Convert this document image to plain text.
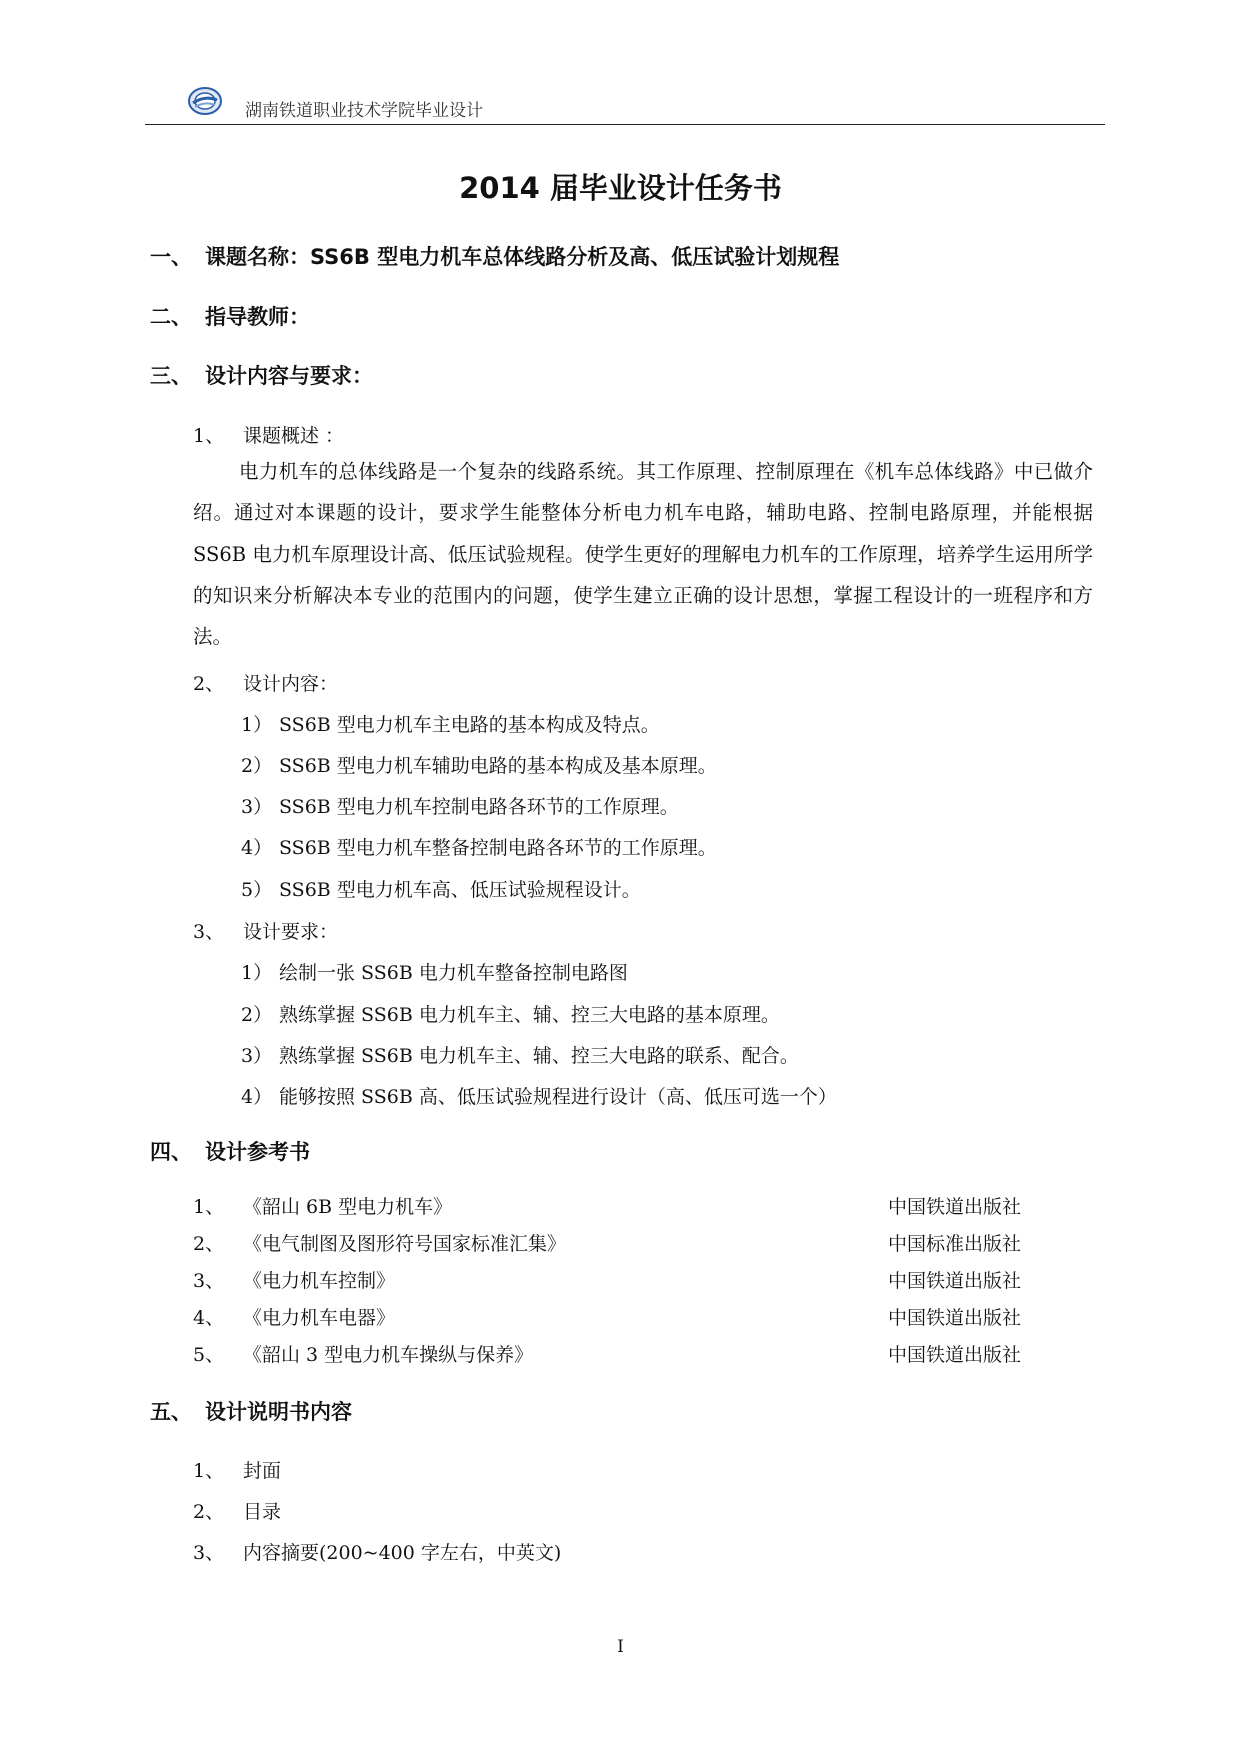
湖南铁道职业技术学院毕业设计
2014 届毕业设计任务书
一、 课题名称：SS6B 型电力机车总体线路分析及高、低压试验计划规程
二、 指导教师：
三、 设计内容与要求：
1、 课题概述 ：
电力机车的总体线路是一个复杂的线路系统。其工作原理、控制原理在《机车总体线路》中已做介绍。通过对本课题的设计，要求学生能整体分析电力机车电路，辅助电路、控制电路原理，并能根据 SS6B 电力机车原理设计高、低压试验规程。使学生更好的理解电力机车的工作原理，培养学生运用所学的知识来分析解决本专业的范围内的问题，使学生建立正确的设计思想，掌握工程设计的一班程序和方法。
2、 设计内容：
1） SS6B 型电力机车主电路的基本构成及特点。
2） SS6B 型电力机车辅助电路的基本构成及基本原理。
3） SS6B 型电力机车控制电路各环节的工作原理。
4） SS6B 型电力机车整备控制电路各环节的工作原理。
5） SS6B 型电力机车高、低压试验规程设计。
3、 设计要求：
1） 绘制一张 SS6B 电力机车整备控制电路图
2） 熟练掌握 SS6B 电力机车主、辅、控三大电路的基本原理。
3） 熟练掌握 SS6B 电力机车主、辅、控三大电路的联系、配合。
4） 能够按照 SS6B 高、低压试验规程进行设计（高、低压可选一个）
四、 设计参考书
1、 《韶山 6B 型电力机车》	中国铁道出版社
2、 《电气制图及图形符号国家标准汇集》	中国标准出版社
3、 《电力机车控制》	中国铁道出版社
4、 《电力机车电器》	中国铁道出版社
5、 《韶山 3 型电力机车操纵与保养》	中国铁道出版社
五、 设计说明书内容
1、 封面
2、 目录
3、 内容摘要(200~400 字左右，中英文)
I
